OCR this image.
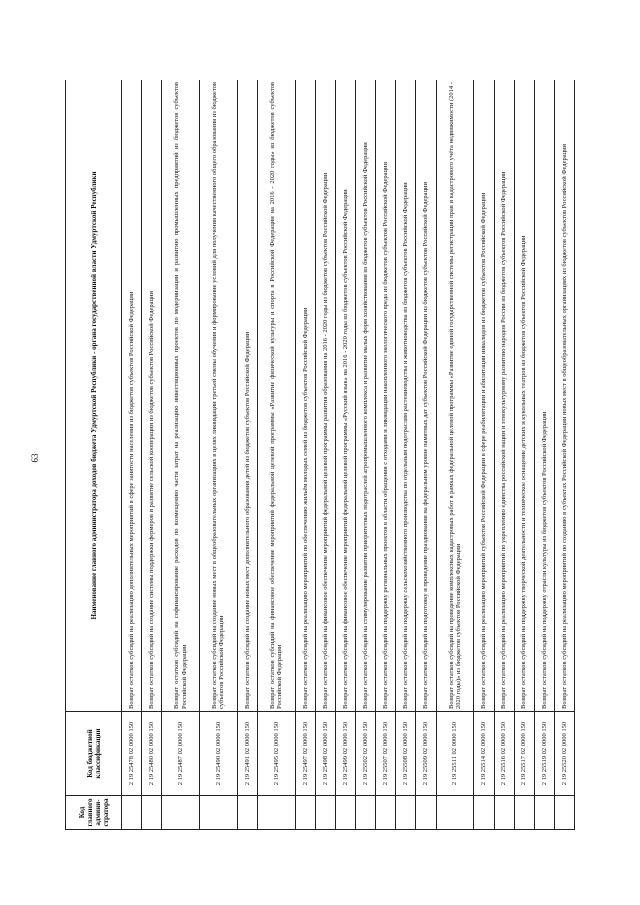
63
Код главного админи-стратора	Код бюджетной классификации	Наименование главного администратора доходов бюджета Удмуртской Республики - органа государственной власти Удмуртской Республики
	2 19 25478 02 0000 150	Возврат остатков субсидий на реализацию дополнительных мероприятий в сфере занятости населения из бюджетов субъектов Российской Федерации
	2 19 25480 02 0000 150	Возврат остатков субсидий на создание системы поддержки фермеров и развитие сельской кооперации из бюджетов субъектов Российской Федерации
	2 19 25487 02 0000 150	Возврат остатков субсидий на софинансирование расходов по возмещению части затрат на реализацию инвестиционных проектов по модернизации и развитию промышленных предприятий из бюджетов субъектов Российской Федерации
	2 19 25490 02 0000 150	Возврат остатков субсидий на создание новых мест в общеобразовательных организациях в целях ликвидации третьей смены обучения и формирование условий для получения качественного общего образования из бюджетов субъектов Российской Федерации
	2 19 25491 02 0000 150	Возврат остатков субсидий на создание новых мест дополнительного образования детей из бюджетов субъектов Российской Федерации
	2 19 25495 02 0000 150	Возврат остатков субсидий на финансовое обеспечение мероприятий федеральной целевой программы «Развитие физической культуры и спорта в Российской Федерации на 2016 - 2020 годы» из бюджетов субъектов Российской Федерации
	2 19 25497 02 0000 150	Возврат остатков субсидий на реализацию мероприятий по обеспечению жильём молодых семей из бюджетов субъектов Российской Федерации
	2 19 25498 02 0000 150	Возврат остатков субсидий на финансовое обеспечение мероприятий федеральной целевой программы развития образования на 2016 - 2020 годы из бюджетов субъектов Российской Федерации
	2 19 25499 02 0000 150	Возврат остатков субсидий на финансовое обеспечение мероприятий федеральной целевой программы «Русский язык» на 2016 - 2020 годы из бюджетов субъектов Российской Федерации
	2 19 25502 02 0000 150	Возврат остатков субсидий на стимулирование развития приоритетных подотраслей агропромышленного комплекса и развитие малых форм хозяйствования из бюджетов субъектов Российской Федерации
	2 19 25507 02 0000 150	Возврат остатков субсидий на поддержку региональных проектов в области обращения с отходами и ликвидации накопленного экологического вреда из бюджетов субъектов Российской Федерации
	2 19 25508 02 0000 150	Возврат остатков субсидий на поддержку сельскохозяйственного производства по отдельным подотраслям растениеводства и животноводства из бюджетов субъектов Российской Федерации
	2 19 25509 02 0000 150	Возврат остатков субсидий на подготовку и проведение празднования на федеральном уровне памятных дат субъектов Российской Федерации из бюджетов субъектов Российской Федерации
	2 19 25511 02 0000 150	Возврат остатков субсидий на проведение комплексных кадастровых работ в рамках федеральной целевой программы «Развитие единой государственной системы регистрации прав и кадастрового учёта недвижимости (2014 - 2020 годы)» из бюджетов субъектов Российской Федерации
	2 19 25514 02 0000 150	Возврат остатков субсидий на реализацию мероприятий субъектов Российской Федерации в сфере реабилитации и абилитации инвалидов из бюджетов субъектов Российской Федерации
	2 19 25516 02 0000 150	Возврат остатков субсидий на реализацию мероприятий по укреплению единства российской нации и этнокультурному развитию народов России из бюджетов субъектов Российской Федерации
	2 19 25517 02 0000 150	Возврат остатков субсидий на поддержку творческой деятельности и техническое оснащение детских и кукольных театров из бюджетов субъектов Российской Федерации
	2 19 25519 02 0000 150	Возврат остатков субсидий на поддержку отрасли культуры из бюджетов субъектов Российской Федерации
	2 19 25520 02 0000 150	Возврат остатков субсидий на реализацию мероприятий по созданию в субъектах Российской Федерации новых мест в общеобразовательных организациях из бюджетов субъектов Российской Федерации
